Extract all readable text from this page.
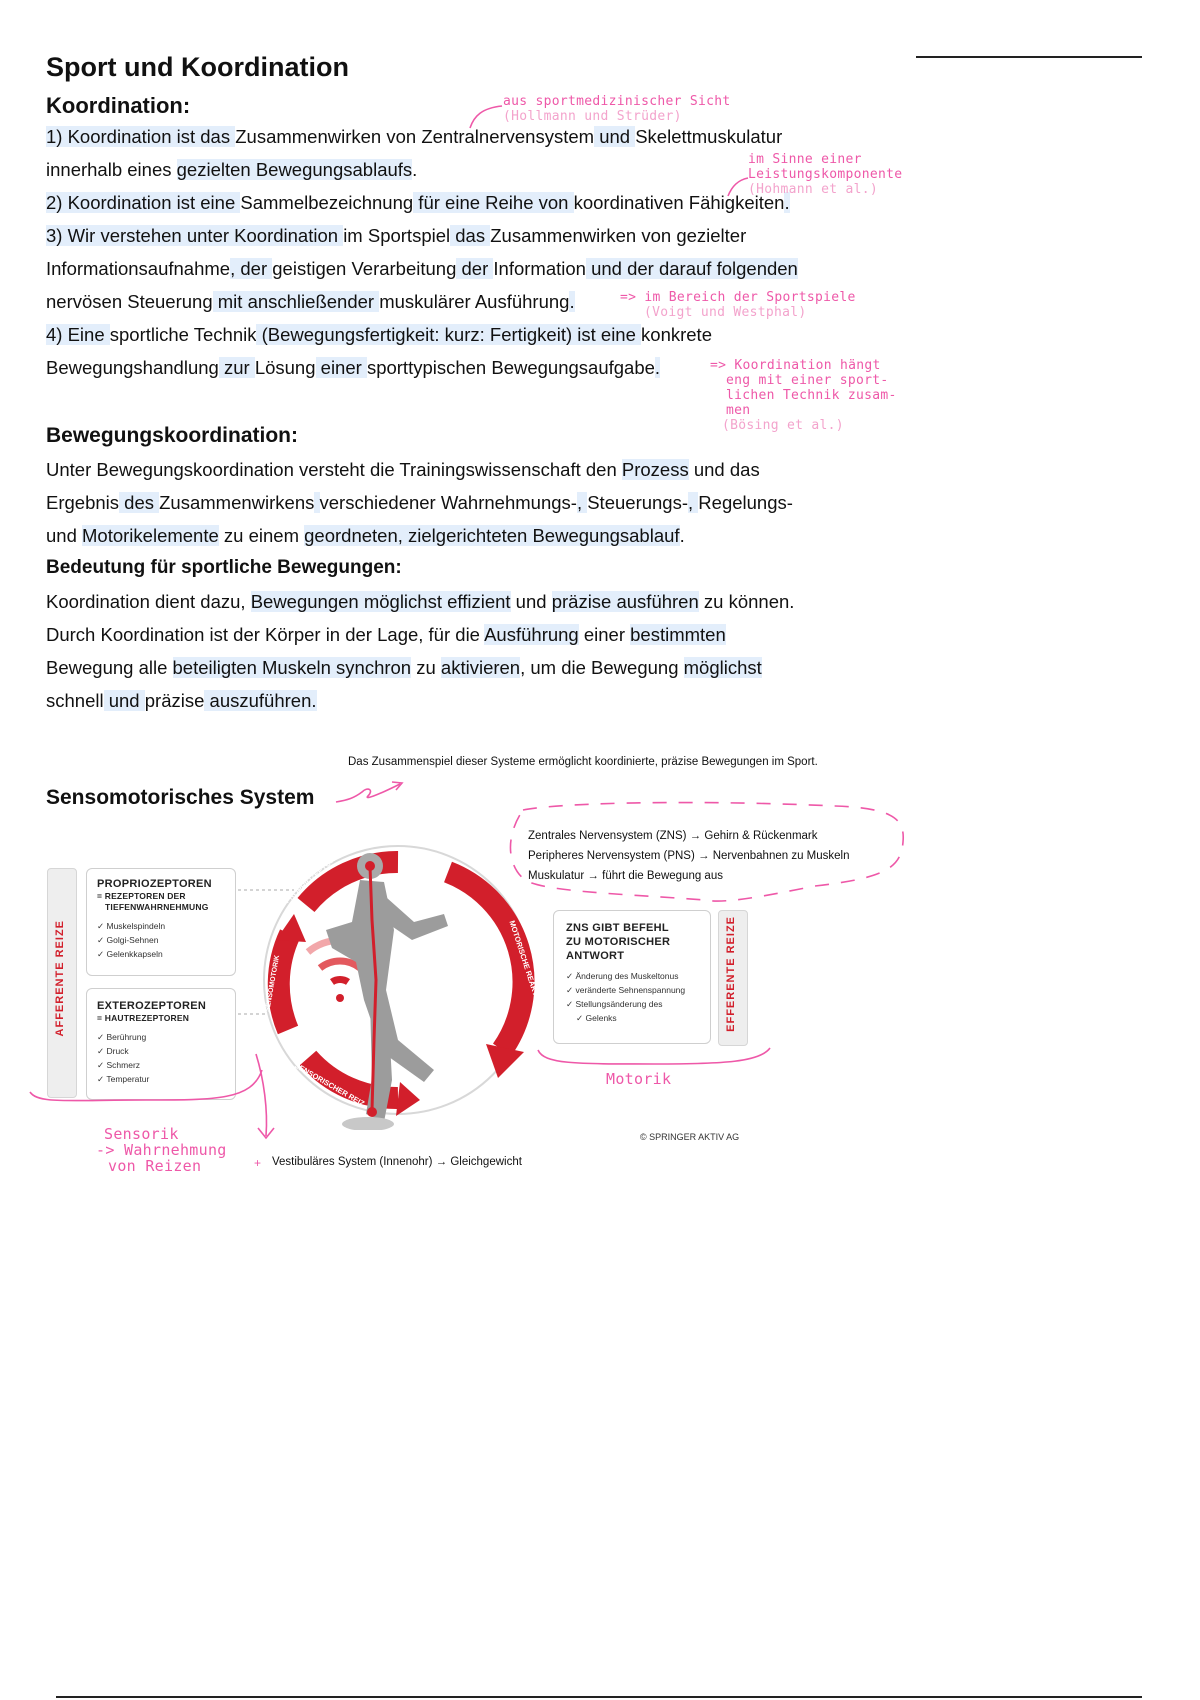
Sport und Koordination
Koordination:
1) Koordination ist das Zusammenwirken von Zentralnervensystem und Skelettmuskulatur
innerhalb eines gezielten Bewegungsablaufs.
2) Koordination ist eine Sammelbezeichnung für eine Reihe von koordinativen Fähigkeiten.
3) Wir verstehen unter Koordination im Sportspiel das Zusammenwirken von gezielter
Informationsaufnahme, der geistigen Verarbeitung der Information und der darauf folgenden
nervösen Steuerung mit anschließender muskulärer Ausführung.
4) Eine sportliche Technik (Bewegungsfertigkeit: kurz: Fertigkeit) ist eine konkrete
Bewegungshandlung zur Lösung einer sporttypischen Bewegungsaufgabe.
aus sportmedizinischer Sicht
(Hollmann und Strüder)
im Sinne einer
Leistungskomponente
(Hohmann et al.)
=> im Bereich der Sportspiele
(Voigt und Westphal)
=> Koordination hängt
eng mit einer sport-
lichen Technik zusam-
men
(Bösing et al.)
Bewegungskoordination:
Unter Bewegungskoordination versteht die Trainingswissenschaft den Prozess und das
Ergebnis des Zusammenwirkens verschiedener Wahrnehmungs-, Steuerungs-, Regelungs-
und Motorikelemente zu einem geordneten, zielgerichteten Bewegungsablauf.
Bedeutung für sportliche Bewegungen:
Koordination dient dazu, Bewegungen möglichst effizient und präzise ausführen zu können.
Durch Koordination ist der Körper in der Lage, für die Ausführung einer bestimmten
Bewegung alle beteiligten Muskeln synchron zu aktivieren, um die Bewegung möglichst
schnell und präzise auszuführen.
Das Zusammenspiel dieser Systeme ermöglicht koordinierte, präzise Bewegungen im Sport.
Sensomotorisches System
Zentrales Nervensystem (ZNS) → Gehirn & Rückenmark
Peripheres Nervensystem (PNS) → Nervenbahnen zu Muskeln
Muskulatur → führt die Bewegung aus
AFFERENTE REIZE
PROPRIOZEPTOREN
= REZEPTOREN DER
TIEFENWAHRNEHMUNG
✓ Muskelspindeln
✓ Golgi-Sehnen
✓ Gelenkkapseln
EXTEROZEPTOREN
= HAUTREZEPTOREN
✓ Berührung
✓ Druck
✓ Schmerz
✓ Temperatur
PROPRIOZEPTOREN
MOTORISCHE REAKTION
SENSORISCHER REIZ
SENSOMOTORIK
ZNS GIBT BEFEHL
ZU MOTORISCHER
ANTWORT
✓ Änderung des Muskeltonus
✓ veränderte Sehnenspannung
✓ Stellungsänderung des
✓ Gelenks	EFFERENTE REIZE
Sensorik
-> Wahrnehmung
von Reizen
Motorik
© SPRINGER AKTIV AG
+ Vestibuläres System (Innenohr) → Gleichgewicht
